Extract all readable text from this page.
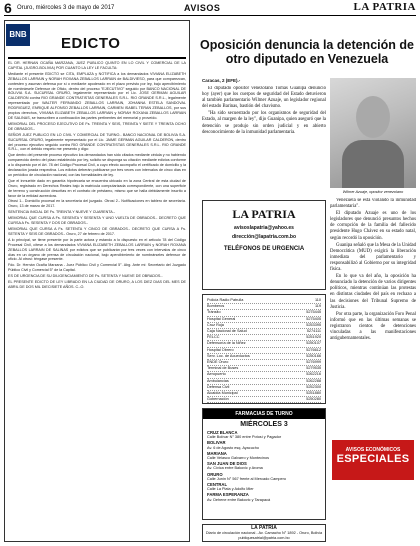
6 Oruro, miércoles 3 de mayo de 2017	AVISOS	LA PATRIA
BNB
EDICTO

EL DR. HERNAN OCAÑA MARZANA, JUEZ PUBLICO QUINTO EN LO CIVIL Y COMERCIAL DE LA CAPITAL (JUGRO-BOLIVIA) POR CUANTO LA LEY LE FACULTA:

Mediante el presente EDICTO se CITA, EMPLAZA y NOTIFICA a los demandados VIVIANA ELIZABETH ZEBALLOS LARRAIN y NORAH ROXANA ZEBALLOS LARRAIN de BALDIVIESO, para que comparezcan, contesten y asuman defensa por sí o mediante apoderado en el plazo previsto por ley, bajo apercibimiento de nombrársele Defensor de Oficio, dentro del proceso "EJECUTIVO" seguido por BANCO NACIONAL DE BOLIVIA S.A. SUCURSAL ORURO, legalmente representado por el Lic. JOSE GERMAN AGUILAR CALDERON contra RIO GRANDE CONTRATISTAS GENERALES S.R.L. RIO GRANDE S.R.L., legalmente representada por WALTER FERNANDO ZEBALLOS LARRAIN, JOHANNA ESTELA SANDOVAL RODRIGUEZ, ENRIQUE ALFONSO ZEBALLOS LARRAIN, CARMEN ISABEL TERAN ZEBALLOS, por sus propios derechos, VIVIANA ELIZABETH ZEBALLOS LARRAIN y NORAH ROXANA ZEBALLOS LARRAIN DE SALINAS, se transcriben a continuación las partes pertinentes del memorial y proveído.

MEMORIAL DEL PROCESO EJECUTIVO DE Fs. TREINTA Y SEIS, TREINTA Y SIETE Y TREINTA OCHO DE OBRADOS.-

SEÑOR JUEZ PUBLICO EN LO CIVIL Y COMERCIAL DE TURNO.- BANCO NACIONAL DE BOLIVIA S.A. SUCURSAL ORURO, legalmente representado por el Lic. JAIME GERMAN AGUILAR CALDERON, dentro del proceso ejecutivo seguido contra RIO GRANDE CONTRATISTAS GENERALES S.R.L. RIO GRANDE S.R.L., con el debido respeto me presento y digo:

Que dentro del presente proceso ejecutivo los demandados han sido citados mediante cédula y no habiendo comparecido dentro del plazo establecido por ley, solicito se disponga su citación mediante edictos conforme a lo dispuesto por el Art. 78 del Código Procesal Civil, a cuyo efecto acompaño el certificado de domicilio y la declaración jurada respectiva. Los edictos deberán publicarse por tres veces con intervalos de cinco días en un periódico de circulación nacional, con las formalidades de ley.

Que el inmueble dado en garantía hipotecaria se encuentra ubicado en la zona Central de esta ciudad de Oruro, registrado en Derechos Reales bajo la matrícula computarizada correspondiente, con una superficie de terreno y construcción descritas en el contrato de préstamo, mismo que se halla debidamente inscrito a favor de la entidad acreedora.

Otrosí 1.- Domicilio procesal en la secretaría del juzgado. Otrosí 2.- Notificaciones en tablero de secretaría. Oruro, 13 de marzo de 2017.

SENTENCIA INICIAL DE Fs. TREINTA Y NUEVE Y CUARENTA.-

MEMORIAL QUE CURSA A Fs. SESENTA Y SESENTA Y UNO VUELTA DE OBRADOS.- DECRETO QUE CURSA A Fs. SESENTA Y DOS DE OBRADOS.-

MEMORIAL QUE CURSA A Fs. SETENTA Y CINCO DE OBRADOS.- DECRETO QUE CURSA A Fs. SETENTA Y SEIS DE OBRADOS.- Oruro, 27 de febrero de 2017.

A lo principal, se tiene presente por la parte actora y estando a lo dispuesto en el artículo 78 del Código Procesal Civil, cítese a los demandados VIVIANA ELIZABETH ZEBALLOS LARRAIN y NORAH ROXANA ZEBALLOS LARRAIN DE SALINAS por edictos que se publicarán por tres veces con intervalos de cinco días en un órgano de prensa de circulación nacional, bajo apercibimiento de nombrárseles defensor de oficio. Al otrosí: téngase presente.

Fdo. Dr. Hernán Ocaña Marzana - Juez Público Civil y Comercial 5°. Abg. Ante mí: Secretario del Juzgado Público Civil y Comercial 5° de la Capital.

ES DE URGENCIA DE SU DILIGENCIAMIENTO DE Fs. SETENTA Y NUEVE DE OBRADOS.-

EL PRESENTE EDICTO DE LEY LIBRADO EN LA CIUDAD DE ORURO, A LOS DIEZ DIAS DEL MES DE ABRIL DE DOS MIL DIECISIETE AÑOS. C.-O.

Oposición denuncia la detención de otro diputado en Venezuela
Caracas, 2 (EFE).-

El diputado opositor venezolano Tomás Guanipa denunció hoy (ayer) que los cuerpos de seguridad del Estado detuvieron al también parlamentario Wilmer Azuaje, un legislador regional del estado Barinas, bastión del chavismo.

"Ha sido secuestrado por los organismos de seguridad del Estado, al margen de la ley", dijo Guanipa, quien aseguró que la detención se produjo sin orden judicial y en abierto desconocimiento de la inmunidad parlamentaria.

Wilmer Azuaje, opositor venezolano

Venezuela se está violando la inmunidad parlamentaria".

El diputado Azuaje es uno de los legisladores que denunció presuntos hechos de corrupción de la familia del fallecido presidente Hugo Chávez en su estado natal, según recordó la oposición.

Guanipa señaló que la Mesa de la Unidad Democrática (MUD) exigirá la liberación inmediata del parlamentario y responsabilizó al Gobierno por su integridad física.

En lo que va del año, la oposición ha denunciado la detención de varios dirigentes políticos, mientras continúan las protestas en distintas ciudades del país en rechazo a las decisiones del Tribunal Supremo de Justicia.

Por otra parte, la organización Foro Penal informó que en las últimas semanas se registraron cientos de detenciones vinculadas a las manifestaciones antigubernamentales.

LA PATRIA
avisoslapatria@yahoo.es
dirección@lapatria.com.bo
TELÉFONOS DE URGENCIA
Policía Radio Patrulla	110
Bomberos	119
Tránsito	5275445
Hospital General	5275405
Cruz Roja	5253395
Caja Nacional de Salud	5274111
FELCC	5251920
Defensoría de la Niñez	5250107
Hospital Obrero	5276612
Serv. Loc. de Acueductos	5250166
ENDE Oruro	5276999
Terminal de Buses	5279535
Aeropuerto	5262216
Ambulancias	5262288
Defensa Civil	5252300
Alcaldía Municipal	5251880
Gobernación	5250280
FARMACIAS DE TURNO
MIÉRCOLES 3
CRUZ BLANCA
Calle Bolívar N° 380 entre Potosí y Pagador
BOLIVAR
Av. 6 de Agosto esq. Ayacucho
MARIANA
Calle Velasco Galvarro y Montecinos
SAN JUAN DE DIOS
Av. Cívica entre Bakovic y Aroma
ORURO
Calle Junín N° 567 frente al Mercado Campero
CENTRAL
Calle La Plata y Adolfo Mier
FARMA ESPERANZA
Av. Dehene entre Bakovic y Tarapacá
LA PATRIA
Diario de circulación nacional - Av. Camacho N° 1892 - Oruro, Bolivia
publiquesatrial@patria.com.bo
AVISOS ECONÓMICOS
ESPECIALES
